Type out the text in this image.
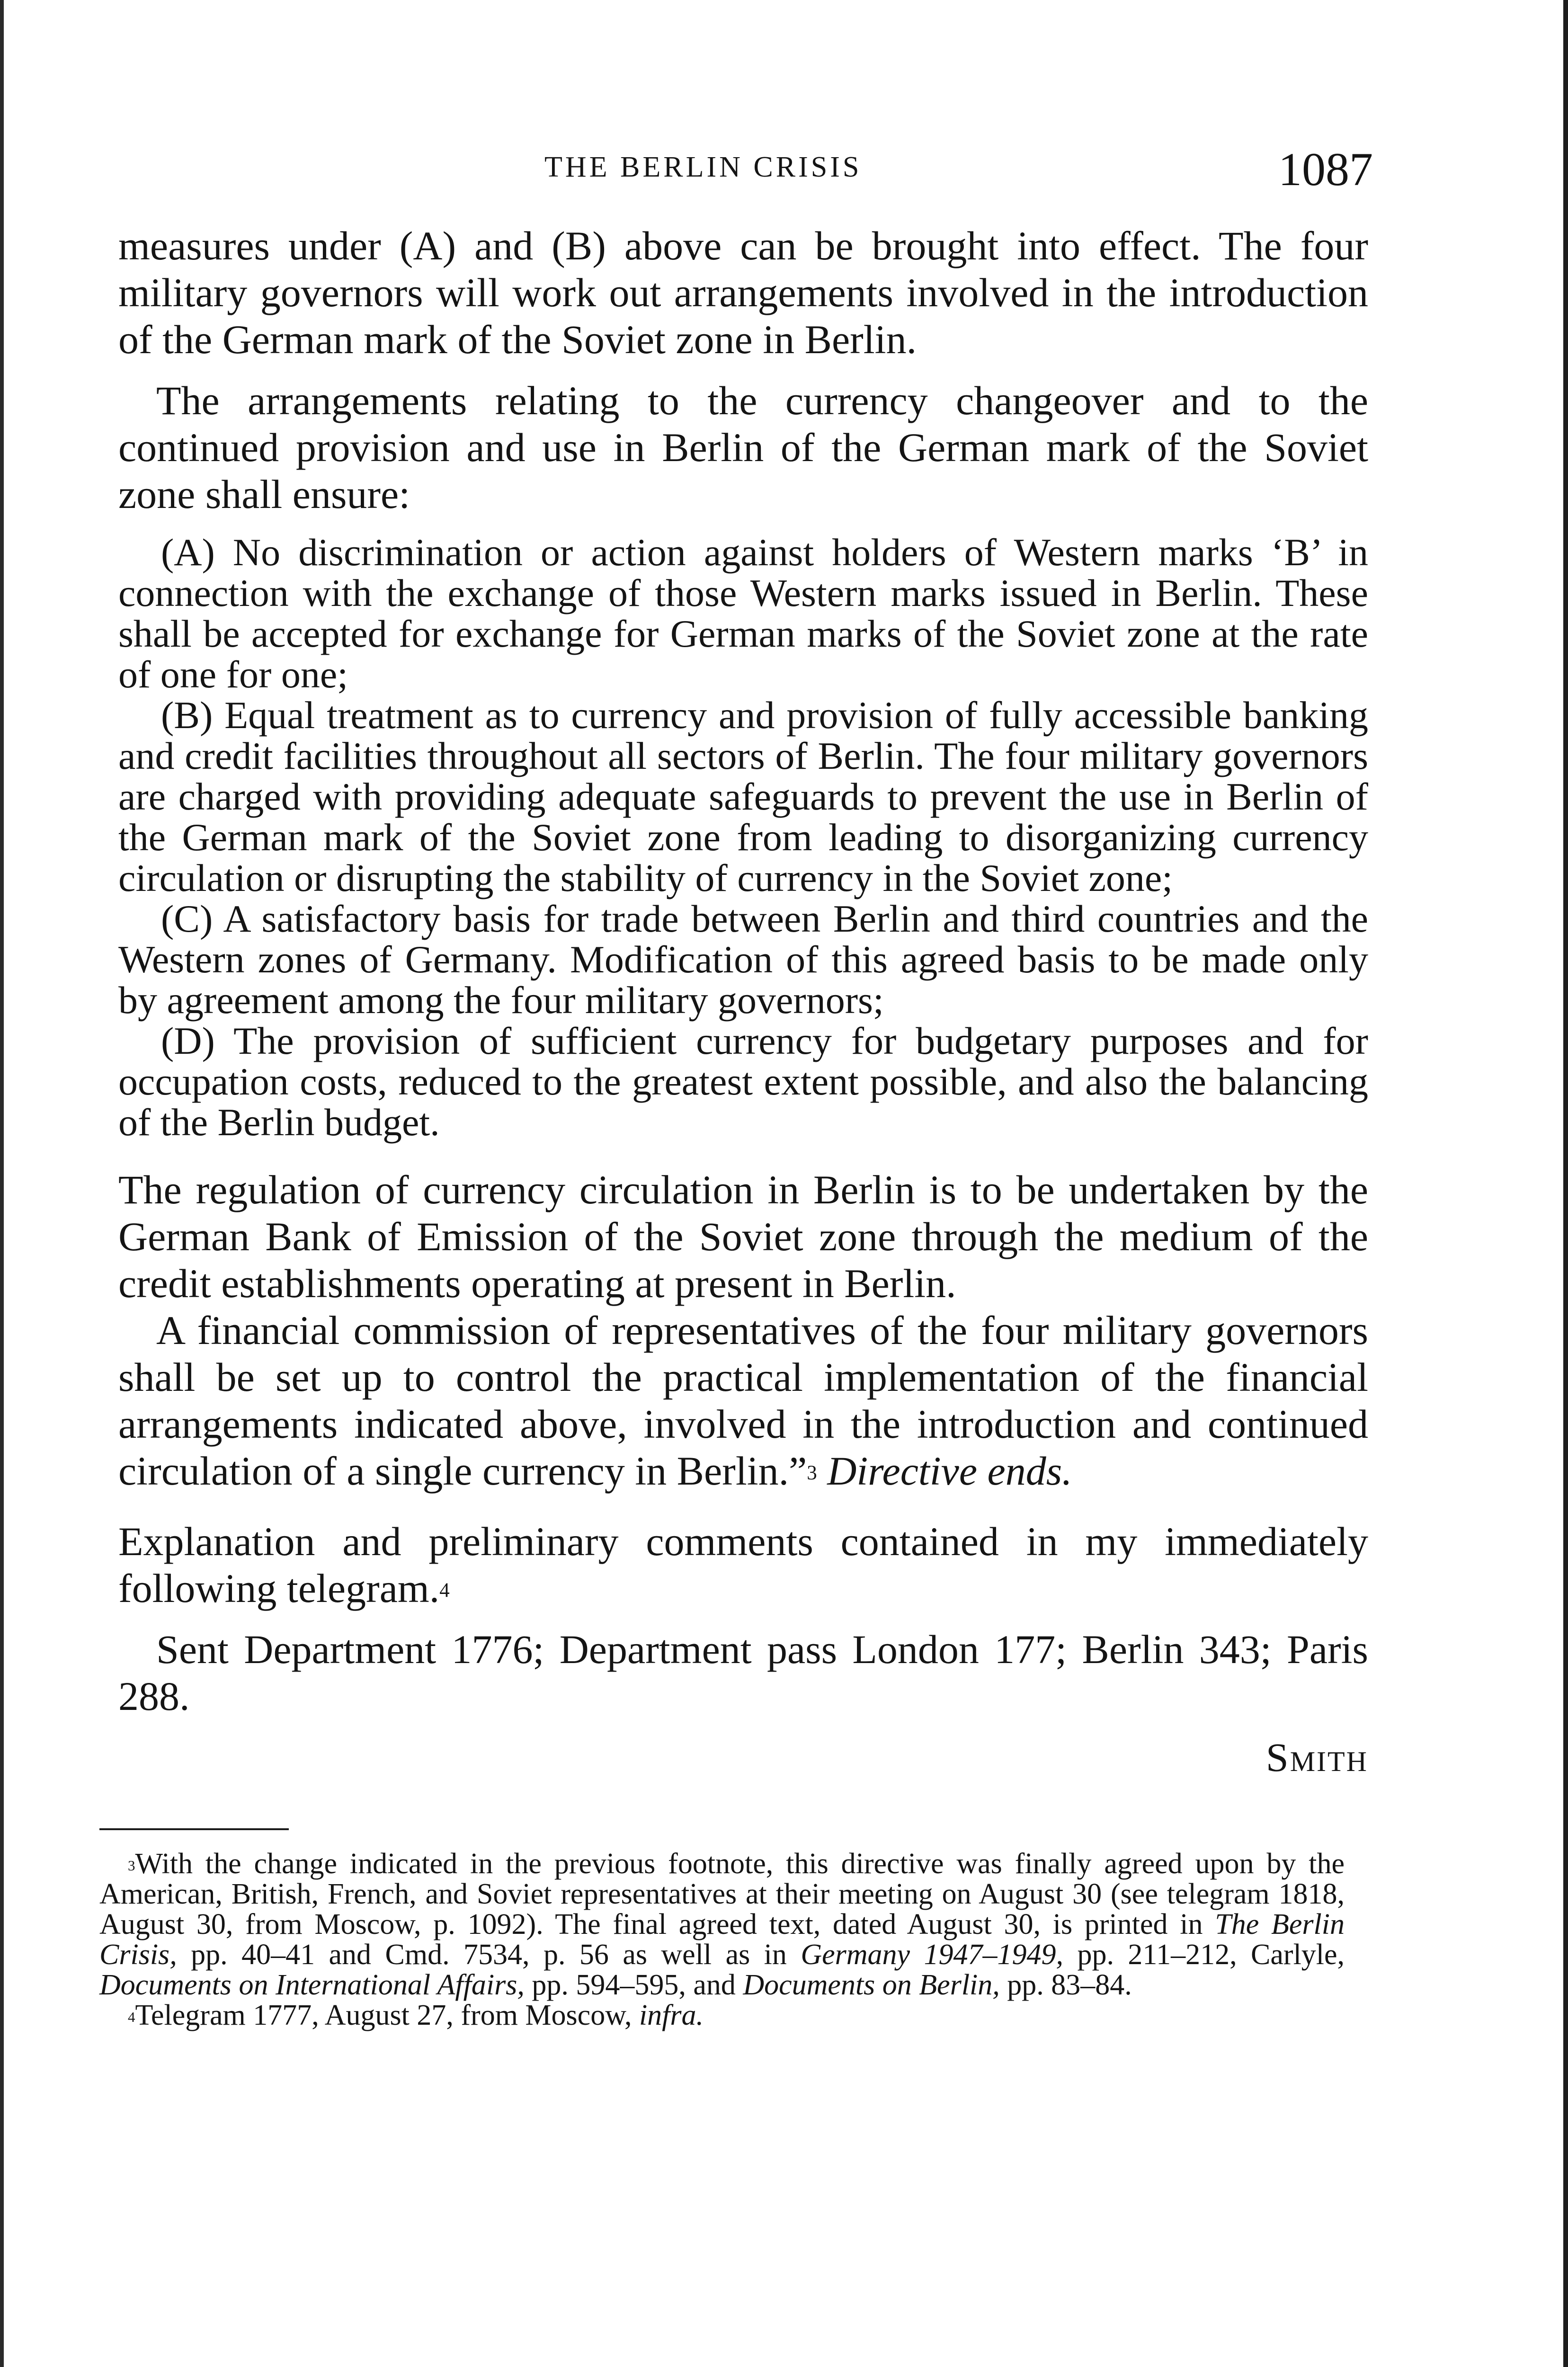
THE BERLIN CRISIS	1087

measures under (A) and (B) above can be brought into effect. The four military governors will work out arrangements involved in the introduction of the German mark of the Soviet zone in Berlin.

The arrangements relating to the currency changeover and to the continued provision and use in Berlin of the German mark of the Soviet zone shall ensure:

(A) No discrimination or action against holders of Western marks ‘B’ in connection with the exchange of those Western marks issued in Berlin. These shall be accepted for exchange for German marks of the Soviet zone at the rate of one for one;

(B) Equal treatment as to currency and provision of fully accessible banking and credit facilities throughout all sectors of Berlin. The four military governors are charged with providing adequate safeguards to prevent the use in Berlin of the German mark of the Soviet zone from leading to disorganizing currency circulation or disrupting the stability of currency in the Soviet zone;

(C) A satisfactory basis for trade between Berlin and third countries and the Western zones of Germany. Modification of this agreed basis to be made only by agreement among the four military governors;

(D) The provision of sufficient currency for budgetary purposes and for occupation costs, reduced to the greatest extent possible, and also the balancing of the Berlin budget.

The regulation of currency circulation in Berlin is to be undertaken by the German Bank of Emission of the Soviet zone through the medium of the credit establishments operating at present in Berlin.

A financial commission of representatives of the four military governors shall be set up to control the practical implementation of the financial arrangements indicated above, involved in the introduction and continued circulation of a single currency in Berlin.”$^3$ Directive ends.

Explanation and preliminary comments contained in my immediately following telegram.$^4$

Sent Department 1776; Department pass London 177; Berlin 343; Paris 288.

Smith

$^3$With the change indicated in the previous footnote, this directive was finally agreed upon by the American, British, French, and Soviet representatives at their meeting on August 30 (see telegram 1818, August 30, from Moscow, p. 1092). The final agreed text, dated August 30, is printed in The Berlin Crisis, pp. 40–41 and Cmd. 7534, p. 56 as well as in Germany 1947–1949, pp. 211–212, Carlyle, Documents on International Affairs, pp. 594–595, and Documents on Berlin, pp. 83–84.

$^4$Telegram 1777, August 27, from Moscow, infra.
